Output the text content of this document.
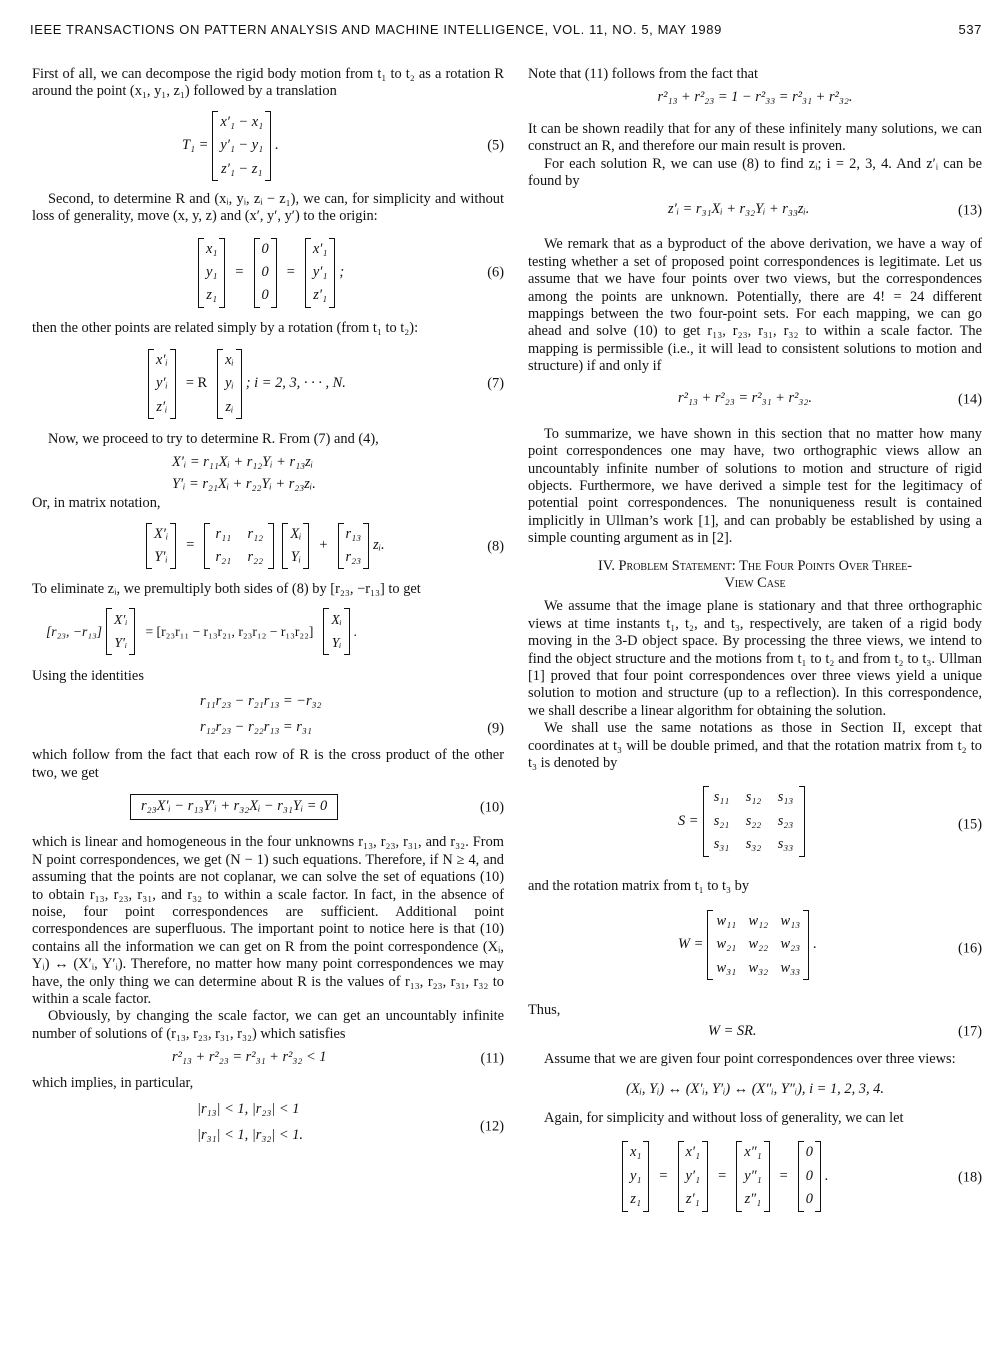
IEEE TRANSACTIONS ON PATTERN ANALYSIS AND MACHINE INTELLIGENCE, VOL. 11, NO. 5, MAY 1989	537

First of all, we can decompose the rigid body motion from t₁ to t₂ as a rotation R around the point (x₁, y₁, z₁) followed by a translation

T₁ =
x′₁ − x₁
y′₁ − y₁
z′₁ − z₁
.	(5)

Second, to determine R and (xᵢ, yᵢ, zᵢ − z₁), we can, for simplicity and without loss of generality, move (x, y, z) and (x′, y′, y′) to the origin:

x₁
y₁
z₁
=
0
0
0
=
x′₁
y′₁
z′₁
;	(6)

then the other points are related simply by a rotation (from t₁ to t₂):

x′ᵢ
y′ᵢ
z′ᵢ
= R
xᵢ
yᵢ
zᵢ
; i = 2, 3, · · · , N.	(7)

Now, we proceed to try to determine R. From (7) and (4),

X′ᵢ = r₁₁Xᵢ + r₁₂Yᵢ + r₁₃zᵢ
Y′ᵢ = r₂₁Xᵢ + r₂₂Yᵢ + r₂₃zᵢ.

Or, in matrix notation,

X′ᵢ
Y′ᵢ
=
r₁₁ r₁₂
r₂₁ r₂₂
Xᵢ
Yᵢ
+
r₁₃
r₂₃
zᵢ.	(8)

To eliminate zᵢ, we premultiply both sides of (8) by [r₂₃, −r₁₃] to get

[r₂₃, −r₁₃]
X′ᵢ
Y′ᵢ
= [r₂₃r₁₁ − r₁₃r₂₁, r₂₃r₁₂ − r₁₃r₂₂]
Xᵢ
Yᵢ
.

Using the identities

r₁₁r₂₃ − r₂₁r₁₃ = −r₃₂
r₁₂r₂₃ − r₂₂r₁₃ = r₃₁	(9)

which follow from the fact that each row of R is the cross product of the other two, we get

r₂₃X′ᵢ − r₁₃Y′ᵢ + r₃₂Xᵢ − r₃₁Yᵢ = 0	(10)

which is linear and homogeneous in the four unknowns r₁₃, r₂₃, r₃₁, and r₃₂. From N point correspondences, we get (N − 1) such equations. Therefore, if N ≥ 4, and assuming that the points are not coplanar, we can solve the set of equations (10) to obtain r₁₃, r₂₃, r₃₁, and r₃₂ to within a scale factor. In fact, in the absence of noise, four point correspondences are sufficient. Additional point correspondences are superfluous. The important point to notice here is that (10) contains all the information we can get on R from the point correspondence (Xᵢ, Yᵢ) ↔ (X′ᵢ, Y′ᵢ). Therefore, no matter how many point correspondences we may have, the only thing we can determine about R is the values of r₁₃, r₂₃, r₃₁, r₃₂ to within a scale factor.

Obviously, by changing the scale factor, we can get an uncountably infinite number of solutions of (r₁₃, r₂₃, r₃₁, r₃₂) which satisfies

r²₁₃ + r²₂₃ = r²₃₁ + r²₃₂ < 1	(11)

which implies, in particular,

|r₁₃| < 1, |r₂₃| < 1
|r₃₁| < 1, |r₃₂| < 1.
(12)

Note that (11) follows from the fact that

r²₁₃ + r²₂₃ = 1 − r²₃₃ = r²₃₁ + r²₃₂.

It can be shown readily that for any of these infinitely many solutions, we can construct an R, and therefore our main result is proven.

For each solution R, we can use (8) to find zᵢ; i = 2, 3, 4. And z′ᵢ can be found by

z′ᵢ = r₃₁Xᵢ + r₃₂Yᵢ + r₃₃zᵢ.	(13)

We remark that as a byproduct of the above derivation, we have a way of testing whether a set of proposed point correspondences is legitimate. Let us assume that we have four points over two views, but the correspondences among the points are unknown. Potentially, there are 4! = 24 different mappings between the two four-point sets. For each mapping, we can go ahead and solve (10) to get r₁₃, r₂₃, r₃₁, r₃₂ to within a scale factor. The mapping is permissible (i.e., it will lead to consistent solutions to motion and structure) if and only if

r²₁₃ + r²₂₃ = r²₃₁ + r²₃₂.	(14)

To summarize, we have shown in this section that no matter how many point correspondences one may have, two orthographic views allow an uncountably infinite number of solutions to motion and structure of rigid objects. Furthermore, we have derived a simple test for the legitimacy of potential point correspondences. The nonuniqueness result is contained implicitly in Ullman’s work [1], and can probably be established by using a simple counting argument as in [2].

IV. Problem Statement: The Four Points Over Three-
View Case

We assume that the image plane is stationary and that three orthographic views at time instants t₁, t₂, and t₃, respectively, are taken of a rigid body moving in the 3-D object space. By processing the three views, we intend to find the object structure and the motions from t₁ to t₂ and from t₂ to t₃. Ullman [1] proved that four point correspondences over three views yield a unique solution to motion and structure (up to a reflection). In this correspondence, we shall describe a linear algorithm for obtaining the solution.

We shall use the same notations as those in Section II, except that coordinates at t₃ will be double primed, and that the rotation matrix from t₂ to t₃ is denoted by

S =
s₁₁ s₁₂ s₁₃
s₂₁ s₂₂ s₂₃
s₃₁ s₃₂ s₃₃
(15)

and the rotation matrix from t₁ to t₃ by

W =
w₁₁ w₁₂ w₁₃
w₂₁ w₂₂ w₂₃
w₃₁ w₃₂ w₃₃
.	(16)

Thus,

W = SR.	(17)

Assume that we are given four point correspondences over three views:

(Xᵢ, Yᵢ) ↔ (X′ᵢ, Y′ᵢ) ↔ (X″ᵢ, Y″ᵢ), i = 1, 2, 3, 4.

Again, for simplicity and without loss of generality, we can let

x₁
y₁
z₁
=
x′₁
y′₁
z′₁
=
x″₁
y″₁
z″₁
=
0
0
0
.	(18)
